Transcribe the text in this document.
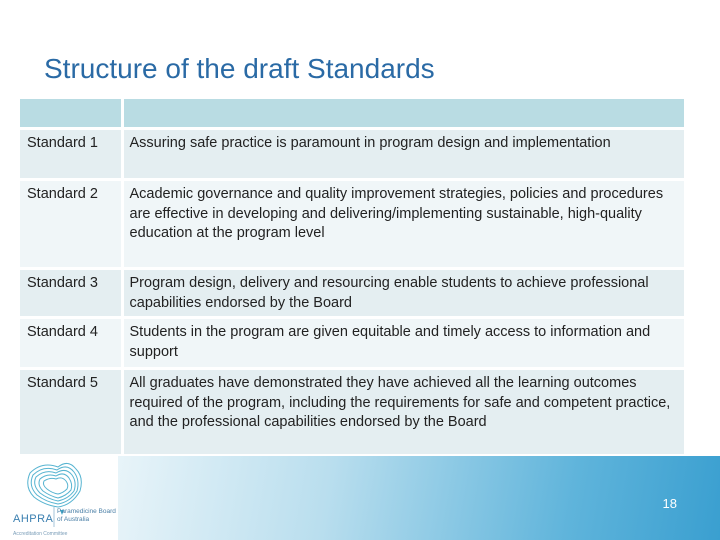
Structure of the draft Standards

Standard 1	Assuring safe practice is paramount in program design and implementation
Standard 2	Academic governance and quality improvement strategies, policies and procedures are effective in developing and delivering/implementing sustainable, high-quality education at the program level
Standard 3	Program design, delivery and resourcing enable students to achieve professional capabilities endorsed by the Board
Standard 4	Students in the program are given equitable and timely access to information and support
Standard 5	All graduates have demonstrated they have achieved all the learning outcomes required of the program, including the requirements for safe and competent practice, and the professional capabilities endorsed by the Board
18
AHPRA
Paramedicine Board of Australia
Accreditation Committee
